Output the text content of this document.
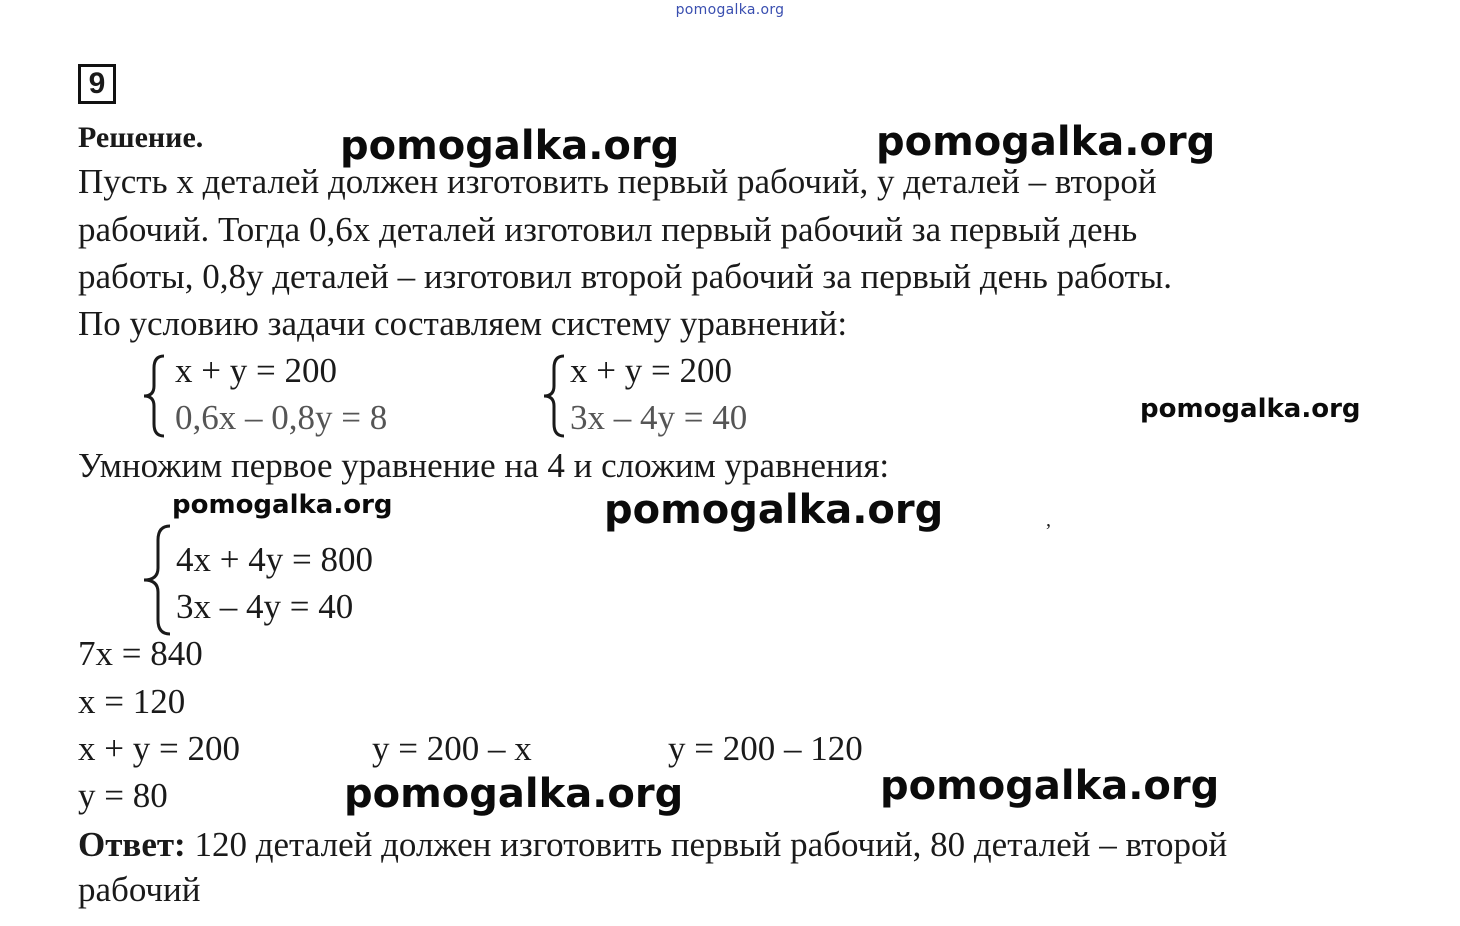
pomogalka.org
9
Решение.
Пусть х деталей должен изготовить первый рабочий, у деталей – второй
рабочий. Тогда 0,6х деталей изготовил первый рабочий за первый день
работы, 0,8у деталей – изготовил второй рабочий за первый день работы.
По условию задачи составляем систему уравнений:
x + y = 200
0,6x – 0,8y = 8
x + y = 200
3x – 4y = 40
Умножим первое уравнение на 4 и сложим уравнения:
,
4x + 4y = 800
3x – 4y = 40
7x = 840
x = 120
x + y = 200	y = 200 – x	y = 200 – 120
y = 80
Ответ: 120 деталей должен изготовить первый рабочий, 80 деталей – второй
рабочий
pomogalka.org	pomogalka.org
pomogalka.org
pomogalka.org	pomogalka.org
pomogalka.org	pomogalka.org
